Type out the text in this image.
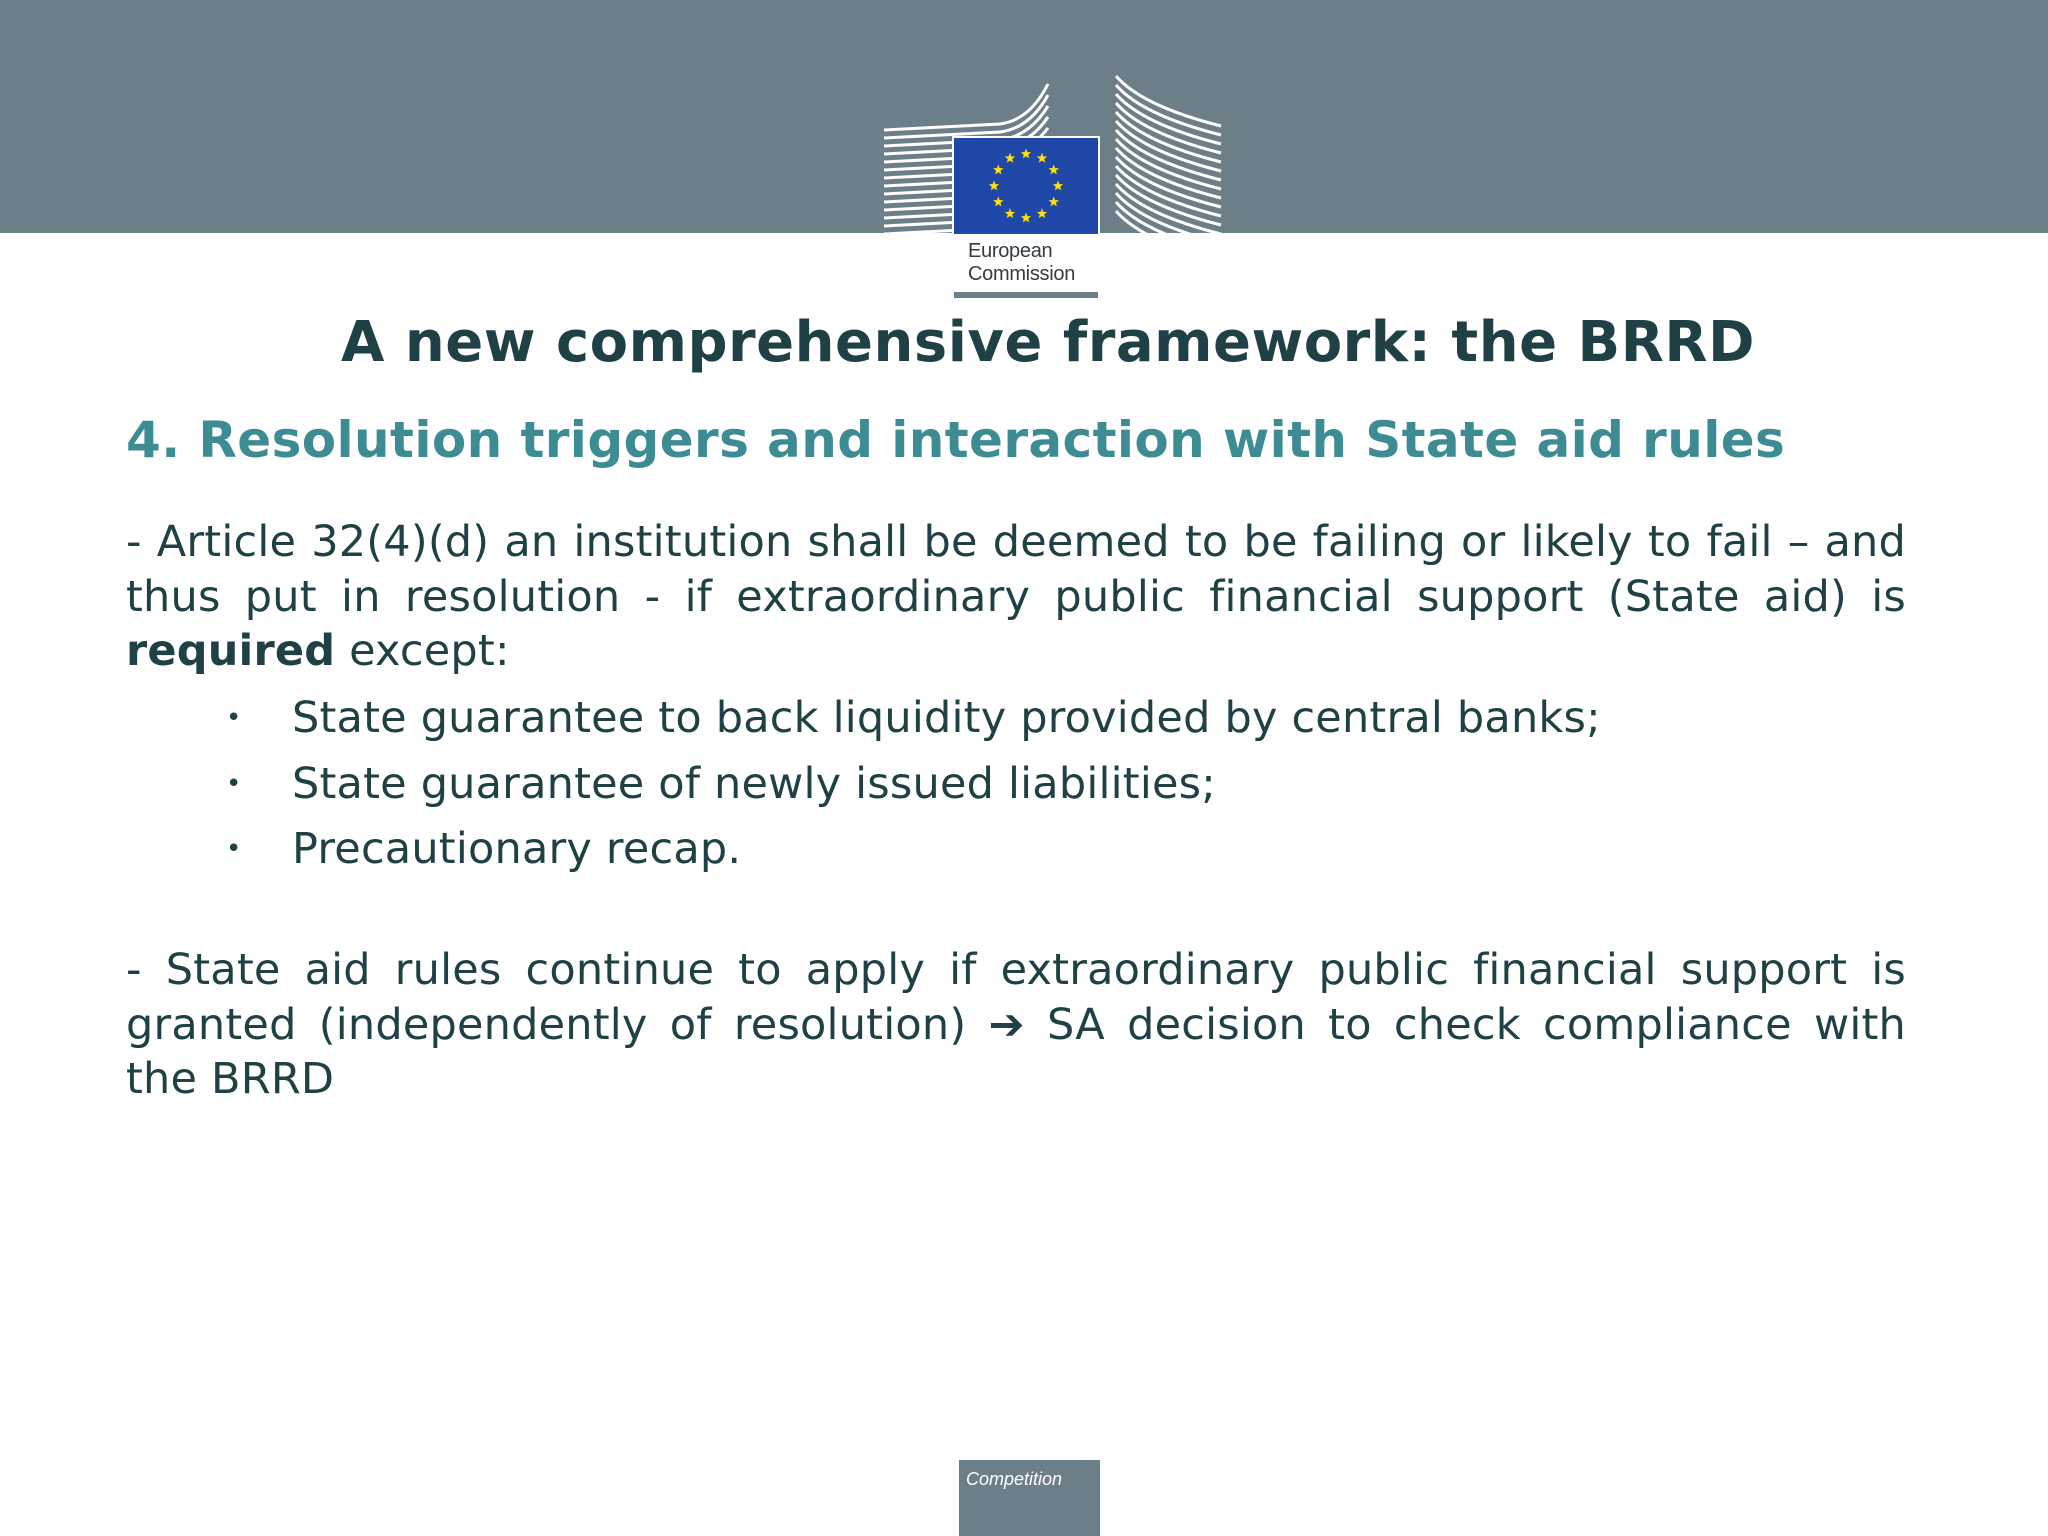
European
Commission
A new comprehensive framework: the BRRD
4. Resolution triggers and interaction with State aid rules
- Article 32(4)(d) an institution shall be deemed to be failing or likely to fail – and thus put in resolution - if extraordinary public financial support (State aid) is required except:
• State guarantee to back liquidity provided by central banks;
• State guarantee of newly issued liabilities;
• Precautionary recap.
- State aid rules continue to apply if extraordinary public financial support is granted (independently of resolution) ➔ SA decision to check compliance with the BRRD
Competition
